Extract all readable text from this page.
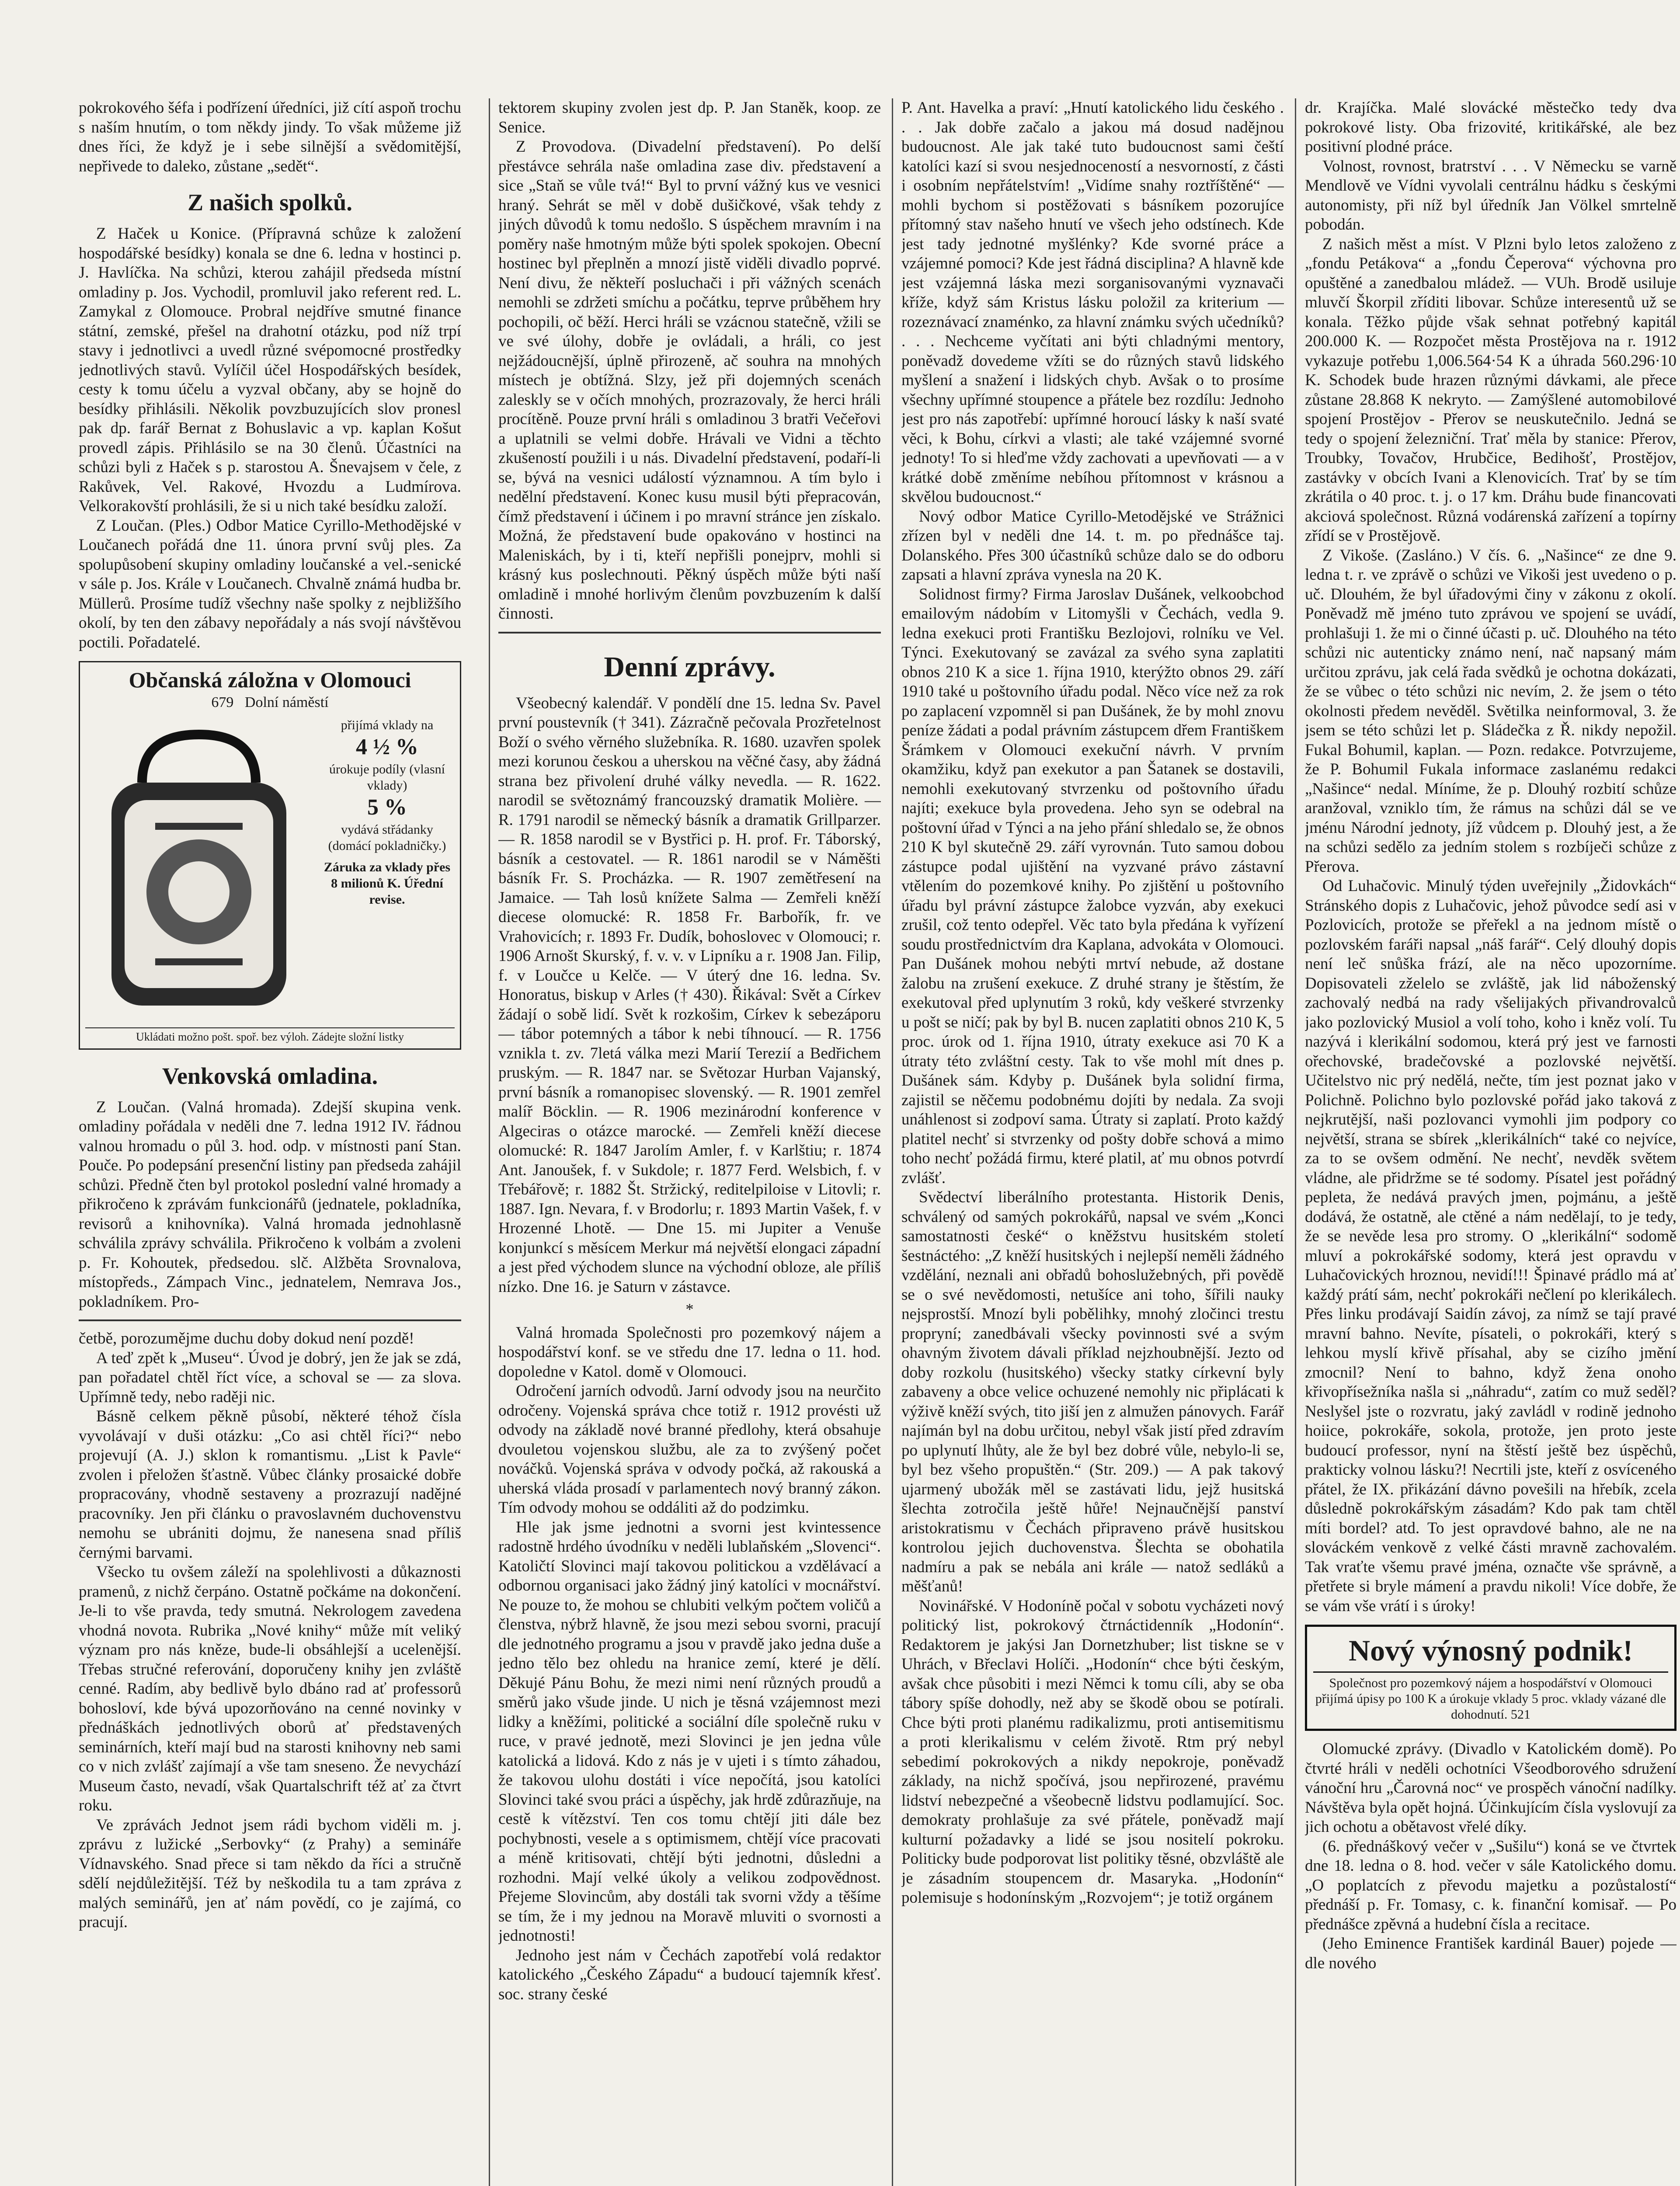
pokrokového šéfa i podřízení úředníci, již cítí aspoň trochu s naším hnutím, o tom někdy jindy. To však můžeme již dnes říci, že když je i sebe silnější a svědomitější, nepřivede to daleko, zůstane „sedět“.

Z našich spolků.

Z Haček u Konice. (Přípravná schůze k založení hospodářské besídky) konala se dne 6. ledna v hostinci p. J. Havlíčka. Na schůzi, kterou zahájil předseda místní omladiny p. Jos. Vychodil, promluvil jako referent red. L. Zamykal z Olomouce. Probral nejdříve smutné finance státní, zemské, přešel na drahotní otázku, pod níž trpí stavy i jednotlivci a uvedl různé svépomocné prostředky jednotlivých stavů. Vylíčil účel Hospodářských besídek, cesty k tomu účelu a vyzval občany, aby se hojně do besídky přihlásili. Několik povzbuzujících slov pronesl pak dp. farář Bernat z Bohuslavic a vp. kaplan Košut provedl zápis. Přihlásilo se na 30 členů. Účastníci na schůzi byli z Haček s p. starostou A. Šnevajsem v čele, z Rakůvek, Vel. Rakové, Hvozdu a Ludmírova. Velkorakovští prohlásili, že si u nich také besídku založí.

Z Loučan. (Ples.) Odbor Matice Cyrillo-Methodějské v Loučanech pořádá dne 11. února první svůj ples. Za spolupůsobení skupiny omladiny loučanské a vel.-senické v sále p. Jos. Krále v Loučanech. Chvalně známá hudba br. Müllerů. Prosíme tudíž všechny naše spolky z nejbližšího okolí, by ten den zábavy nepořádaly a nás svojí návštěvou poctili. Pořadatelé.

Občanská záložna v Olomouci
679 Dolní náměstí
přijímá vklady na
4 ½ %
úrokuje podíly (vlasní vklady)
5 %
vydává střádanky (domácí pokladničky.)
Záruka za vklady přes 8 milionů K. Úřední revise.
Ukládati možno pošt. spoř. bez výloh. Zádejte složní listky
Venkovská omladina.

Z Loučan. (Valná hromada). Zdejší skupina venk. omladiny pořádala v neděli dne 7. ledna 1912 IV. řádnou valnou hromadu o půl 3. hod. odp. v místnosti paní Stan. Pouče. Po podepsání presenční listiny pan předseda zahájil schůzi. Předně čten byl protokol poslední valné hromady a přikročeno k zprávám funkcionářů (jednatele, pokladníka, revisorů a knihovníka). Valná hromada jednohlasně schválila zprávy schválila. Přikročeno k volbám a zvoleni p. Fr. Kohoutek, předsedou. slč. Alžběta Srovnalova, místopředs., Zámpach Vinc., jednatelem, Nemrava Jos., pokladníkem. Pro-

četbě, porozumějme duchu doby dokud není pozdě!

A teď zpět k „Museu“. Úvod je dobrý, jen že jak se zdá, pan pořadatel chtěl říct více, a schoval se — za slova. Upřímně tedy, nebo raději nic.

Básně celkem pěkně působí, některé téhož čísla vyvolávají v duši otázku: „Co asi chtěl říci?“ nebo projevují (A. J.) sklon k romantismu. „List k Pavle“ zvolen i přeložen šťastně. Vůbec články prosaické dobře propracovány, vhodně sestaveny a prozrazují nadějné pracovníky. Jen při článku o pravoslavném duchovenstvu nemohu se ubrániti dojmu, že nanesena snad příliš černými barvami.

Všecko tu ovšem záleží na spolehlivosti a důkaznosti pramenů, z nichž čerpáno. Ostatně počkáme na dokončení. Je-li to vše pravda, tedy smutná. Nekrologem zavedena vhodná novota. Rubrika „Nové knihy“ může mít veliký význam pro nás kněze, bude-li obsáhlejší a ucelenější. Třebas stručné referování, doporučeny knihy jen zvláště cenné. Radím, aby bedlivě bylo dbáno rad ať professorů bohosloví, kde bývá upozorňováno na cenné novinky v přednáškách jednotlivých oborů ať představených seminárních, kteří mají bud na starosti knihovny neb sami co v nich zvlášť zajímají a vše tam sneseno. Že nevychází Museum často, nevadí, však Quartalschrift též ať za čtvrt roku.

Ve zprávách Jednot jsem rádi bychom viděli m. j. zprávu z lužické „Serbovky“ (z Prahy) a semináře Vídnavského. Snad přece si tam někdo da říci a stručně sdělí nejdůležitější. Též by neškodila tu a tam zpráva z malých seminářů, jen ať nám povědí, co je zajímá, co pracují.

tektorem skupiny zvolen jest dp. P. Jan Staněk, koop. ze Senice.

Z Provodova. (Divadelní představení). Po delší přestávce sehrála naše omladina zase div. představení a sice „Staň se vůle tvá!“ Byl to první vážný kus ve vesnici hraný. Sehrát se měl v době dušičkové, však tehdy z jiných důvodů k tomu nedošlo. S úspěchem mravním i na poměry naše hmotným může býti spolek spokojen. Obecní hostinec byl přeplněn a mnozí jistě viděli divadlo poprvé. Není divu, že někteří posluchači i při vážných scenách nemohli se zdržeti smíchu a počátku, teprve průběhem hry pochopili, oč běží. Herci hráli se vzácnou statečně, vžili se ve své úlohy, dobře je ovládali, a hráli, co jest nejžádoucnější, úplně přirozeně, ač souhra na mnohých místech je obtížná. Slzy, jež při dojemných scenách zaleskly se v očích mnohých, prozrazovaly, že herci hráli procítěně. Pouze první hráli s omladinou 3 bratři Večeřovi a uplatnili se velmi dobře. Hrávali ve Vidni a těchto zkušeností použili i u nás. Divadelní představení, podaří-li se, bývá na vesnici událostí významnou. A tím bylo i nedělní představení. Konec kusu musil býti přepracován, čímž představení i účinem i po mravní stránce jen získalo. Možná, že představení bude opakováno v hostinci na Maleniskách, by i ti, kteří nepřišli ponejprv, mohli si krásný kus poslechnouti. Pěkný úspěch může býti naší omladině i mnohé horlivým členům povzbuzením k další činnosti.

Denní zprávy.

Všeobecný kalendář. V pondělí dne 15. ledna Sv. Pavel první poustevník († 341). Zázračně pečovala Prozřetelnost Boží o svého věrného služebníka. R. 1680. uzavřen spolek mezi korunou českou a uherskou na věčné časy, aby žádná strana bez přivolení druhé války nevedla. — R. 1622. narodil se světoznámý francouzský dramatik Molière. — R. 1791 narodil se německý básník a dramatik Grillparzer. — R. 1858 narodil se v Bystřici p. H. prof. Fr. Táborský, básník a cestovatel. — R. 1861 narodil se v Náměšti básník Fr. S. Procházka. — R. 1907 zemětřesení na Jamaice. — Tah losů knížete Salma — Zemřeli kněží diecese olomucké: R. 1858 Fr. Barbořík, fr. ve Vrahovicích; r. 1893 Fr. Dudík, bohoslovec v Olomouci; r. 1906 Arnošt Skurský, f. v. v. v Lipníku a r. 1908 Jan. Filip, f. v Loučce u Kelče. — V úterý dne 16. ledna. Sv. Honoratus, biskup v Arles († 430). Řikával: Svět a Církev žádají o sobě lidí. Svět k rozkošim, Církev k sebezáporu — tábor potemných a tábor k nebi tíhnoucí. — R. 1756 vznikla t. zv. 7letá válka mezi Marií Terezií a Bedřichem pruským. — R. 1847 nar. se Světozar Hurban Vajanský, první básník a romanopisec slovenský. — R. 1901 zemřel malíř Böcklin. — R. 1906 mezinárodní konference v Algeciras o otázce marocké. — Zemřeli kněží diecese olomucké: R. 1847 Jarolím Amler, f. v Karlštiu; r. 1874 Ant. Janoušek, f. v Sukdole; r. 1877 Ferd. Welsbich, f. v Třebářově; r. 1882 Št. Stržický, reditelpiloise v Litovli; r. 1887. Ign. Nevara, f. v Brodorlu; r. 1893 Martin Vašek, f. v Hrozenné Lhotě. — Dne 15. mi Jupiter a Venuše konjunkcí s měsícem Merkur má největší elongaci západní a jest před východem slunce na východní obloze, ale příliš nízko. Dne 16. je Saturn v zástavce.

*

Valná hromada Společnosti pro pozemkový nájem a hospodářství konf. se ve středu dne 17. ledna o 11. hod. dopoledne v Katol. domě v Olomouci.

Odročení jarních odvodů. Jarní odvody jsou na neurčito odročeny. Vojenská správa chce totiž r. 1912 provésti už odvody na základě nové branné předlohy, která obsahuje dvouletou vojenskou službu, ale za to zvýšený počet nováčků. Vojenská správa v odvody počká, až rakouská a uherská vláda prosadí v parlamentech nový branný zákon. Tím odvody mohou se oddáliti až do podzimku.

Hle jak jsme jednotni a svorni jest kvintessence radostně hrdého úvodníku v neděli lublaňském „Slovenci“. Katoličtí Slovinci mají takovou politickou a vzdělávací a odbornou organisaci jako žádný jiný katolíci v mocnářství. Ne pouze to, že mohou se chlubiti velkým počtem voličů a členstva, nýbrž hlavně, že jsou mezi sebou svorni, pracují dle jednotného programu a jsou v pravdě jako jedna duše a jedno tělo bez ohledu na hranice zemí, které je dělí. Děkujé Pánu Bohu, že mezi nimi není různých proudů a směrů jako všude jinde. U nich je těsná vzájemnost mezi lidky a kněžími, politické a sociální díle společně ruku v ruce, v pravé jednotě, mezi Slovinci je jen jedna vůle katolická a lidová. Kdo z nás je v ujeti i s tímto záhadou, že takovou ulohu dostáti i více nepočítá, jsou katolíci Slovinci také svou práci a úspěchy, jak hrdě zdůrazňuje, na cestě k vítězství. Ten cos tomu chtějí jiti dále bez pochybnosti, vesele a s optimismem, chtějí více pracovati a méně kritisovati, chtějí býti jednotni, důsledni a rozhodni. Mají velké úkoly a velikou zodpovědnost. Přejeme Slovincům, aby dostáli tak svorni vždy a těšíme se tím, že i my jednou na Moravě mluviti o svornosti a jednotnosti!

Jednoho jest nám v Čechách zapotřebí volá redaktor katolického „Českého Západu“ a budoucí tajemník křesť. soc. strany české

P. Ant. Havelka a praví: „Hnutí katolického lidu českého . . . Jak dobře začalo a jakou má dosud nadějnou budoucnost. Ale jak také tuto budoucnost sami čeští katolíci kazí si svou nesjednoceností a nesvorností, z části i osobním nepřátelstvím! „Vidíme snahy roztříštěné“ — mohli bychom si postěžovati s básníkem pozorujíce přítomný stav našeho hnutí ve všech jeho odstínech. Kde jest tady jednotné myšlénky? Kde svorné práce a vzájemné pomoci? Kde jest řádná disciplina? A hlavně kde jest vzájemná láska mezi sorganisovanými vyznavači kříže, když sám Kristus lásku položil za kriterium — rozeznávací znaménko, za hlavní známku svých učedníků? . . . Nechceme vyčítati ani býti chladnými mentory, poněvadž dovedeme vžíti se do různých stavů lidského myšlení a snažení i lidských chyb. Avšak o to prosíme všechny upřímné stoupence a přátele bez rozdílu: Jednoho jest pro nás zapotřebí: upřímné horoucí lásky k naší svaté věci, k Bohu, církvi a vlasti; ale také vzájemné svorné jednoty! To si hleďme vždy zachovati a upevňovati — a v krátké době změníme nebíhou přítomnost v krásnou a skvělou budoucnost.“

Nový odbor Matice Cyrillo-Metodějské ve Strážnici zřízen byl v neděli dne 14. t. m. po přednášce taj. Dolanského. Přes 300 účastníků schůze dalo se do odboru zapsati a hlavní zpráva vynesla na 20 K.

Solidnost firmy? Firma Jaroslav Dušánek, velkoobchod emailovým nádobím v Litomyšli v Čechách, vedla 9. ledna exekuci proti Františku Bezlojovi, rolníku ve Vel. Týnci. Exekutovaný se zavázal za svého syna zaplatiti obnos 210 K a sice 1. října 1910, kterýžto obnos 29. září 1910 také u poštovního úřadu podal. Něco více než za rok po zaplacení vzpomněl si pan Dušánek, že by mohl znovu peníze žádati a podal právním zástupcem dřem Františkem Šrámkem v Olomouci exekuční návrh. V prvním okamžiku, když pan exekutor a pan Šatanek se dostavili, nemohli exekutovaný stvrzenku od poštovního úřadu najíti; exekuce byla provedena. Jeho syn se odebral na poštovní úřad v Týnci a na jeho přání shledalo se, že obnos 210 K byl skutečně 29. září vyrovnán. Tuto samou dobou zástupce podal ujištění na vyzvané právo zástavní vtělením do pozemkové knihy. Po zjištění u poštovního úřadu byl právní zástupce žalobce vyzván, aby exekuci zrušil, což tento odepřel. Věc tato byla předána k vyřízení soudu prostřednictvím dra Kaplana, advokáta v Olomouci. Pan Dušánek mohou nebýti mrtví nebude, až dostane žalobu na zrušení exekuce. Z druhé strany je štěstím, že exekutoval před uplynutím 3 roků, kdy veškeré stvrzenky u pošt se ničí; pak by byl B. nucen zaplatiti obnos 210 K, 5 proc. úrok od 1. října 1910, útraty exekuce asi 70 K a útraty této zvláštní cesty. Tak to vše mohl mít dnes p. Dušánek sám. Kdyby p. Dušánek byla solidní firma, zajistil se něčemu podobnému dojíti by nedala. Za svoji unáhlenost si zodpoví sama. Útraty si zaplatí. Proto každý platitel nechť si stvrzenky od pošty dobře schová a mimo toho nechť požádá firmu, které platil, ať mu obnos potvrdí zvlášť.

Svědectví liberálního protestanta. Historik Denis, schválený od samých pokrokářů, napsal ve svém „Konci samostatnosti české“ o kněžstvu husitském století šestnáctého: „Z kněží husitských i nejlepší neměli žádného vzdělání, neznali ani obřadů bohoslužebných, při povědě se o své nevědomosti, netušíce ani toho, šířili nauky nejsprostší. Mnozí byli pobělihky, mnohý zločinci trestu propryní; zanedbávali všecky povinnosti své a svým ohavným životem dávali příklad nejzhoubnější. Jezto od doby rozkolu (husitského) všecky statky církevní byly zabaveny a obce velice ochuzené nemohly nic připlácati k výživě kněží svých, tito jiší jen z almužen pánovych. Farář najímán byl na dobu určitou, nebyl však jistí před zdravím po uplynutí lhůty, ale že byl bez dobré vůle, nebylo-li se, byl bez všeho propuštěn.“ (Str. 209.) — A pak takový ujarmený ubožák měl se zastávati lidu, jejž husitská šlechta zotročila ještě hůře! Nejnaučnější panství aristokratismu v Čechách připraveno právě husitskou kontrolou jejich duchovenstva. Šlechta se obohatila nadmíru a pak se nebála ani krále — natož sedláků a měšťanů!

Novinářské. V Hodoníně počal v sobotu vycházeti nový politický list, pokrokový čtrnáctidenník „Hodonín“. Redaktorem je jakýsi Jan Dornetzhuber; list tiskne se v Uhrách, v Břeclavi Holíči. „Hodonín“ chce býti českým, avšak chce působiti i mezi Němci k tomu cíli, aby se oba tábory spíše dohodly, než aby se škodě obou se potírali. Chce býti proti planému radikalizmu, proti antisemitismu a proti klerikalismu v celém životě. Rtm prý nebyl sebedimí pokrokových a nikdy nepokroje, poněvadž základy, na nichž spočívá, jsou nepřirozené, pravému lidství nebezpečné a všeobecně lidstvu podlamující. Soc. demokraty prohlašuje za své přátele, poněvadž mají kulturní požadavky a lidé se jsou nositelí pokroku. Politicky bude podporovat list politiky těsné, obzvláště ale je zásadním stoupencem dr. Masaryka. „Hodonín“ polemisuje s hodonínským „Rozvojem“; je totiž orgánem

dr. Krajíčka. Malé slovácké městečko tedy dva pokrokové listy. Oba frizovité, kritikářské, ale bez positivní plodné práce.

Volnost, rovnost, bratrství . . . V Německu se varně Mendlově ve Vídni vyvolali centrálnu hádku s českými autonomisty, při níž byl úředník Jan Völkel smrtelně pobodán.

Z našich měst a míst. V Plzni bylo letos založeno z „fondu Petákova“ a „fondu Čeperova“ výchovna pro opuštěné a zanedbalou mládež. — VUh. Brodě usiluje mluvčí Škorpil zříditi libovar. Schůze interesentů už se konala. Těžko půjde však sehnat potřebný kapitál 200.000 K. — Rozpočet města Prostějova na r. 1912 vykazuje potřebu 1,006.564·54 K a úhrada 560.296·10 K. Schodek bude hrazen různými dávkami, ale přece zůstane 28.868 K nekryto. — Zamýšlené automobilové spojení Prostějov - Přerov se neuskutečnilo. Jedná se tedy o spojení železniční. Trať měla by stanice: Přerov, Troubky, Tovačov, Hrubčice, Bedihošť, Prostějov, zastávky v obcích Ivani a Klenovicích. Trať by se tím zkrátila o 40 proc. t. j. o 17 km. Dráhu bude financovati akciová společnost. Různá vodárenská zařízení a topírny zřídí se v Prostějově.

Z Vikoše. (Zasláno.) V čís. 6. „Našince“ ze dne 9. ledna t. r. ve zprávě o schůzi ve Vikoši jest uvedeno o p. uč. Dlouhém, že byl úřadovými činy v zákonu z okolí. Poněvadž mě jméno tuto zprávou ve spojení se uvádí, prohlašuji 1. že mi o činné účasti p. uč. Dlouhého na této schůzi nic autenticky známo není, nač napsaný mám určitou zprávu, jak celá řada svědků je ochotna dokázati, že se vůbec o této schůzi nic nevím, 2. že jsem o této okolnosti předem nevěděl. Světilka neinformoval, 3. že jsem se této schůzi let p. Sládečka z Ř. nikdy nepožil. Fukal Bohumil, kaplan. — Pozn. redakce. Potvrzujeme, že P. Bohumil Fukala informace zaslanému redakci „Našince“ nedal. Míníme, že p. Dlouhý rozbití schůze aranžoval, vzniklo tím, že rámus na schůzi dál se ve jménu Národní jednoty, jíž vůdcem p. Dlouhý jest, a že na schůzi sedělo za jedním stolem s rozbíječi schůze z Přerova.

Od Luhačovic. Minulý týden uveřejnily „Židovkách“ Stránského dopis z Luhačovic, jehož původce sedí asi v Pozlovicích, protože se přeřekl a na jednom místě o pozlovském faráři napsal „náš farář“. Celý dlouhý dopis není leč snůška frází, ale na něco upozorníme. Dopisovateli zželelo se zvláště, jak lid náboženský zachovalý nedbá na rady všelijakých přivandrovalců jako pozlovický Musiol a volí toho, koho i kněz volí. Tu nazývá i klerikální sodomou, která prý jest ve farnosti ořechovské, bradečovské a pozlovské největší. Učitelstvo nic prý nedělá, nečte, tím jest poznat jako v Polichně. Polichno bylo pozlovské pořád jako taková z nejkrutější, naši pozlovanci vymohli jim podpory co největší, strana se sbírek „klerikálních“ také co nejvíce, za to se ovšem odmění. Ne nechť, nevděk světem vládne, ale přidržme se té sodomy. Písatel jest pořádný pepleta, že nedává pravých jmen, pojmánu, a ještě dodává, že ostatně, ale ctěné a nám nedělají, to je tedy, že se nevěde lesa pro stromy. O „klerikální“ sodomě mluví a pokrokářské sodomy, která jest opravdu v Luhačovických hroznou, nevidí!!! Špinavé prádlo má ať každý prátí sám, nechť pokrokáři nečlení po klerikálech. Přes linku prodávají Saidín závoj, za nímž se tají pravé mravní bahno. Nevíte, písateli, o pokrokáři, který s lehkou myslí křivě přísahal, aby se cizího jmění zmocnil? Není to bahno, když žena onoho křivopřísežníka našla si „náhradu“, zatím co muž seděl? Neslyšel jste o rozvratu, jaký zavládl v rodině jednoho hoiice, pokrokáře, sokola, protože, jen proto jeste budoucí professor, nyní na štěstí ještě bez úspěchů, prakticky volnou lásku?! Necrtili jste, kteří z osvíceného přátel, že IX. přikázání dávno povešili na hřebík, zcela důsledně pokrokářským zásadám? Kdo pak tam chtěl míti bordel? atd. To jest opravdové bahno, ale ne na slováckém venkově z velké části mravně zachovalém. Tak vraťte všemu pravé jména, označte vše správně, a přetřete si bryle mámení a pravdu nikoli! Více dobře, že se vám vše vrátí i s úroky!

Nový výnosný podnik!
Společnost pro pozemkový nájem a hospodářství v Olomouci přijímá úpisy po 100 K a úrokuje vklady 5 proc. vklady vázané dle dohodnutí. 521

Olomucké zprávy. (Divadlo v Katolickém domě). Po čtvrté hráli v neděli ochotníci Všeodborového sdružení vánoční hru „Čarovná noc“ ve prospěch vánoční nadílky. Návštěva byla opět hojná. Účinkujícím čísla vyslovují za jich ochotu a obětavost vřelé díky.

(6. přednáškový večer v „Sušilu“) koná se ve čtvrtek dne 18. ledna o 8. hod. večer v sále Katolického domu. „O poplatcích z převodu majetku a pozůstalostí“ přednáší p. Fr. Tomasy, c. k. finanční komisař. — Po přednášce zpěvná a hudební čísla a recitace.

(Jeho Eminence František kardinál Bauer) pojede — dle nového
